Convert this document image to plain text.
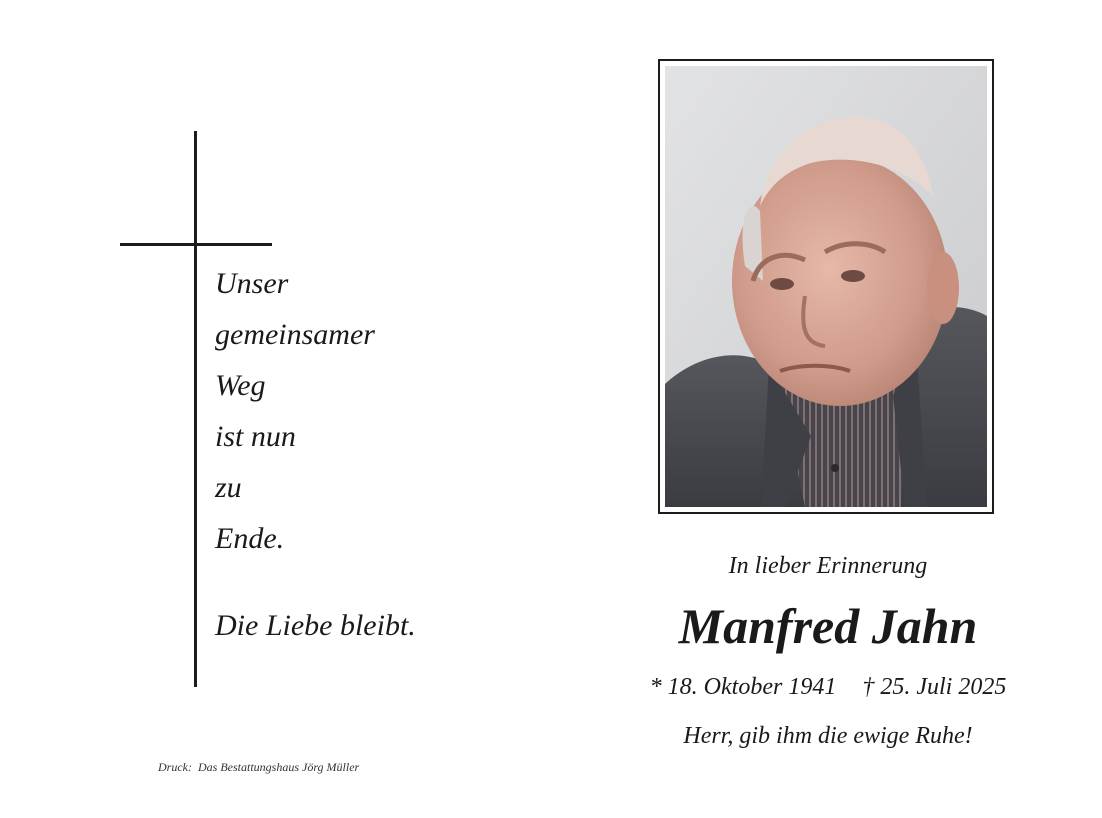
Unser
gemeinsamer
Weg
ist nun
zu
Ende.
Die Liebe bleibt.
Druck: Das Bestattungshaus Jörg Müller
In lieber Erinnerung
Manfred Jahn
* 18. Oktober 1941 † 25. Juli 2025
Herr, gib ihm die ewige Ruhe!
